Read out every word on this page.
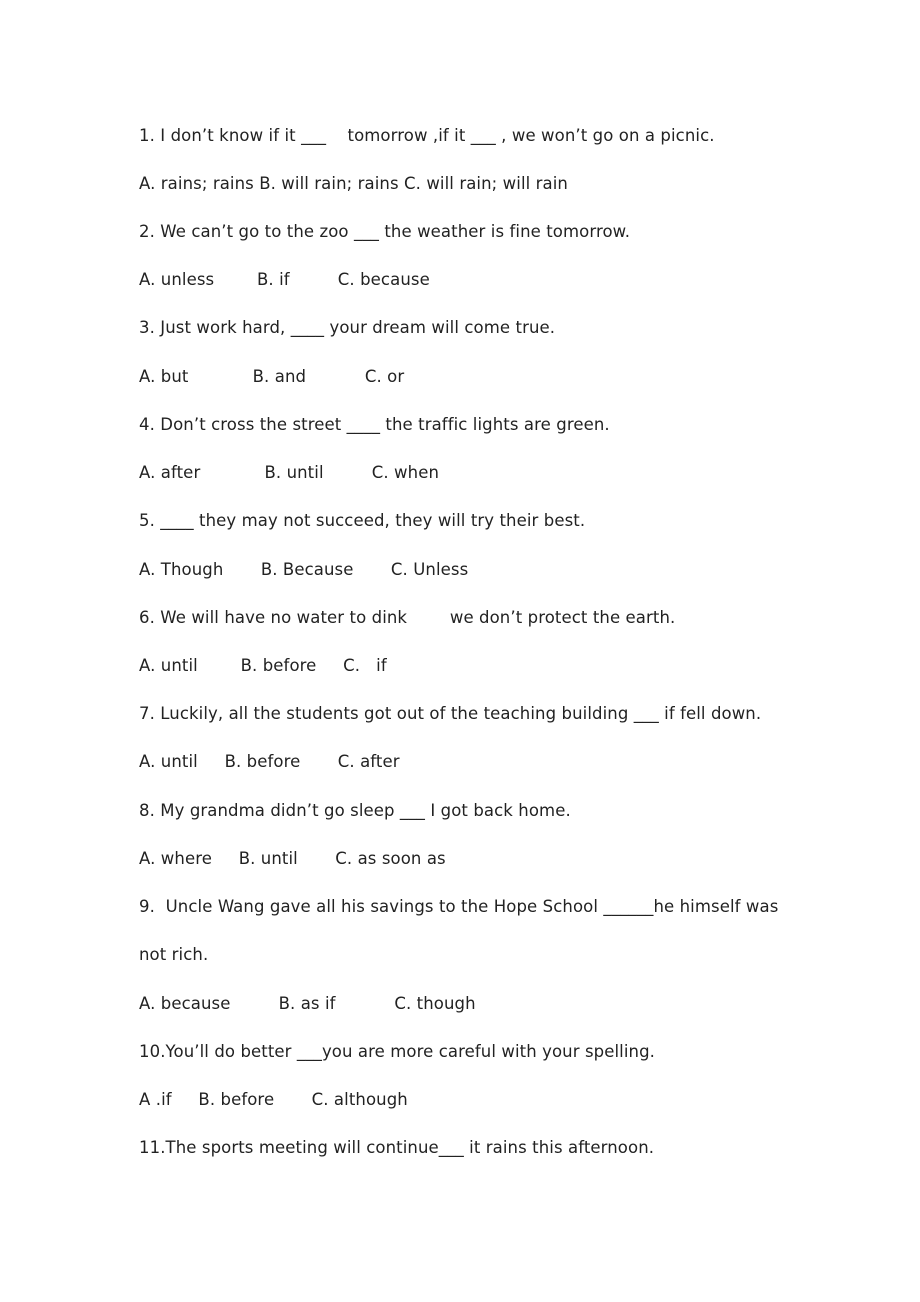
1. I don’t know if it ___    tomorrow ,if it ___ , we won’t go on a picnic.
A. rains; rains B. will rain; rains C. will rain; will rain
2. We can’t go to the zoo ___ the weather is fine tomorrow.
A. unless        B. if         C. because
3. Just work hard, ____ your dream will come true.
A. but            B. and           C. or
4. Don’t cross the street ____ the traffic lights are green.
A. after            B. until         C. when
5. ____ they may not succeed, they will try their best.
A. Though       B. Because       C. Unless
6. We will have no water to dink        we don’t protect the earth.
A. until        B. before     C.   if
7. Luckily, all the students got out of the teaching building ___ if fell down.
A. until     B. before       C. after
8. My grandma didn’t go sleep ___ I got back home.
A. where     B. until       C. as soon as
9.  Uncle Wang gave all his savings to the Hope School ______he himself was
not rich.
A. because         B. as if           C. though
10.You’ll do better ___you are more careful with your spelling.
A .if     B. before       C. although
11.The sports meeting will continue___ it rains this afternoon.
